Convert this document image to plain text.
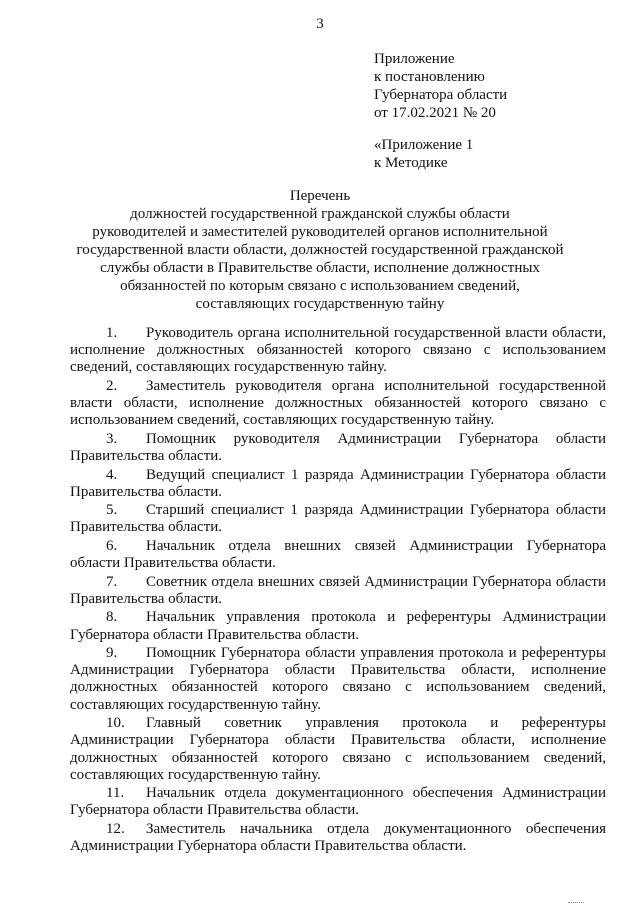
3
Приложение
к постановлению
Губернатора области
от 17.02.2021 № 20
«Приложение 1
к Методике
Перечень
должностей государственной гражданской службы области
руководителей и заместителей руководителей органов исполнительной
государственной власти области, должностей государственной гражданской
службы области в Правительстве области, исполнение должностных
обязанностей по которым связано с использованием сведений,
составляющих государственную тайну

1. Руководитель органа исполнительной государственной власти области, исполнение должностных обязанностей которого связано с использованием сведений, составляющих государственную тайну.

2. Заместитель руководителя органа исполнительной государственной власти области, исполнение должностных обязанностей которого связано с использованием сведений, составляющих государственную тайну.

3. Помощник руководителя Администрации Губернатора области Правительства области.

4. Ведущий специалист 1 разряда Администрации Губернатора области Правительства области.

5. Старший специалист 1 разряда Администрации Губернатора области Правительства области.

6. Начальник отдела внешних связей Администрации Губернатора области Правительства области.

7. Советник отдела внешних связей Администрации Губернатора области Правительства области.

8. Начальник управления протокола и референтуры Администрации Губернатора области Правительства области.

9. Помощник Губернатора области управления протокола и референтуры Администрации Губернатора области Правительства области, исполнение должностных обязанностей которого связано с использованием сведений, составляющих государственную тайну.

10. Главный советник управления протокола и референтуры Администрации Губернатора области Правительства области, исполнение должностных обязанностей которого связано с использованием сведений, составляющих государственную тайну.

11. Начальник отдела документационного обеспечения Администрации Губернатора области Правительства области.

12. Заместитель начальника отдела документационного обеспечения Администрации Губернатора области Правительства области.
